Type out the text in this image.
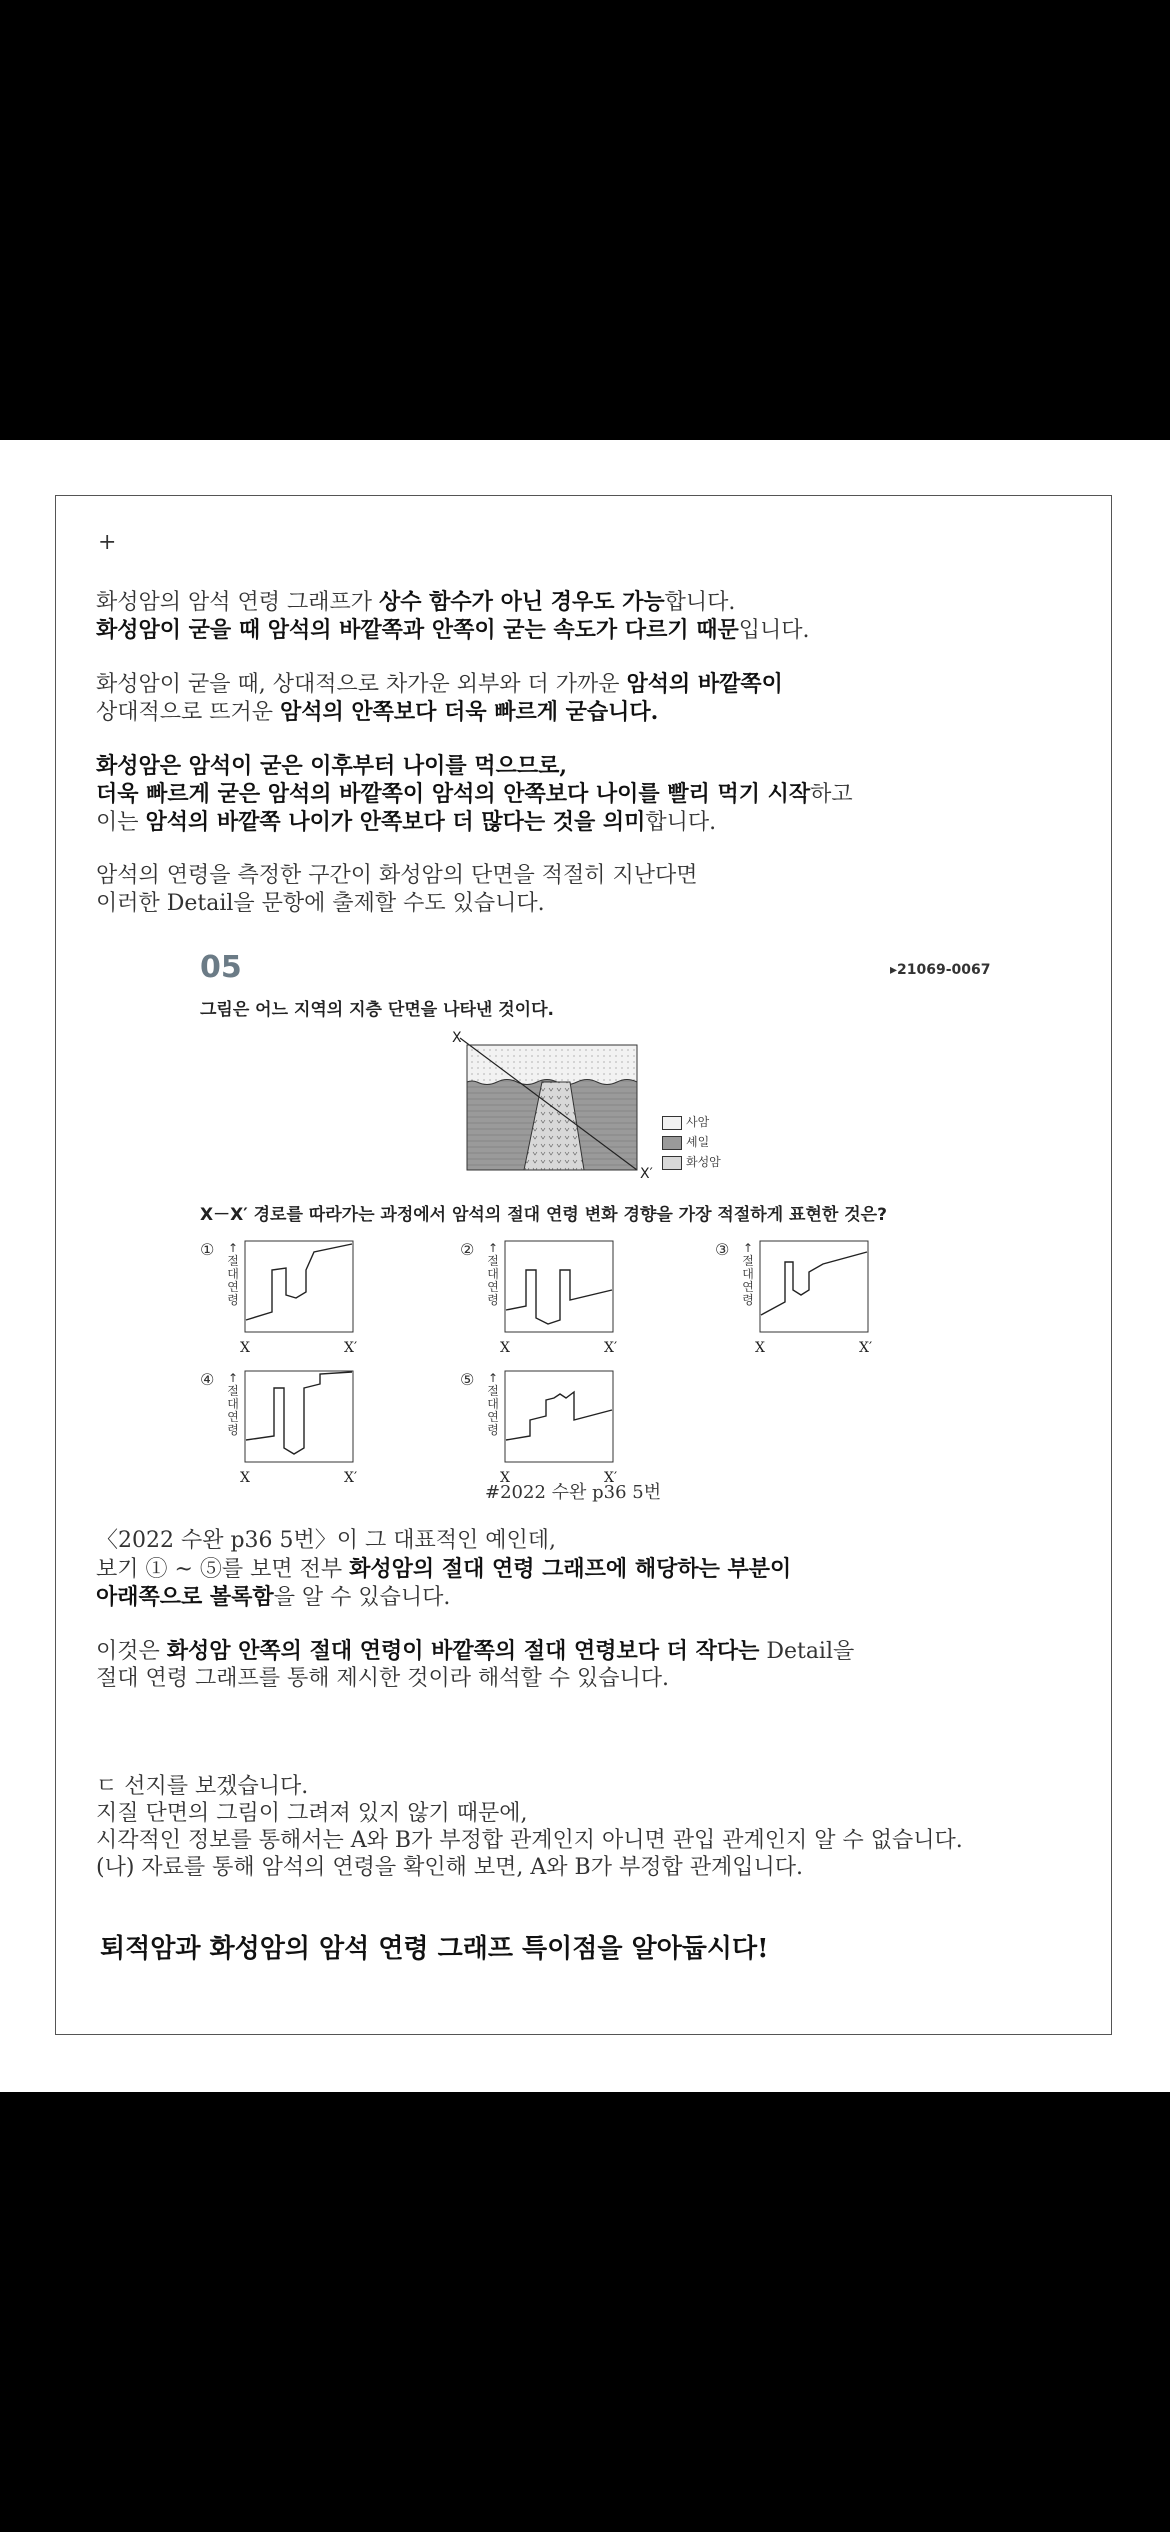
+
화성암의 암석 연령 그래프가 상수 함수가 아닌 경우도 가능합니다.
화성암이 굳을 때 암석의 바깥쪽과 안쪽이 굳는 속도가 다르기 때문입니다.
화성암이 굳을 때, 상대적으로 차가운 외부와 더 가까운 암석의 바깥쪽이
상대적으로 뜨거운 암석의 안쪽보다 더욱 빠르게 굳습니다.
화성암은 암석이 굳은 이후부터 나이를 먹으므로,
더욱 빠르게 굳은 암석의 바깥쪽이 암석의 안쪽보다 나이를 빨리 먹기 시작하고
이는 암석의 바깥쪽 나이가 안쪽보다 더 많다는 것을 의미합니다.
암석의 연령을 측정한 구간이 화성암의 단면을 적절히 지난다면
이러한 Detail을 문항에 출제할 수도 있습니다.
05	▸21069-0067
그림은 어느 지역의 지층 단면을 나타낸 것이다.
X
X′
사암
셰일
화성암
X－X′ 경로를 따라가는 과정에서 암석의 절대 연령 변화 경향을 가장 적절하게 표현한 것은?
① ↑절대연령
X	X′
② ↑절대연령
X	X′
③ ↑절대연령
X	X′
④ ↑절대연령
X	X′
⑤ ↑절대연령
X	X′
#2022 수완 p36 5번
〈2022 수완 p36 5번〉이 그 대표적인 예인데,
보기 ① ~ ⑤를 보면 전부 화성암의 절대 연령 그래프에 해당하는 부분이
아래쪽으로 볼록함을 알 수 있습니다.
이것은 화성암 안쪽의 절대 연령이 바깥쪽의 절대 연령보다 더 작다는 Detail을
절대 연령 그래프를 통해 제시한 것이라 해석할 수 있습니다.
ㄷ 선지를 보겠습니다.
지질 단면의 그림이 그려져 있지 않기 때문에,
시각적인 정보를 통해서는 A와 B가 부정합 관계인지 아니면 관입 관계인지 알 수 없습니다.
(나) 자료를 통해 암석의 연령을 확인해 보면, A와 B가 부정합 관계입니다.
퇴적암과 화성암의 암석 연령 그래프 특이점을 알아둡시다!
